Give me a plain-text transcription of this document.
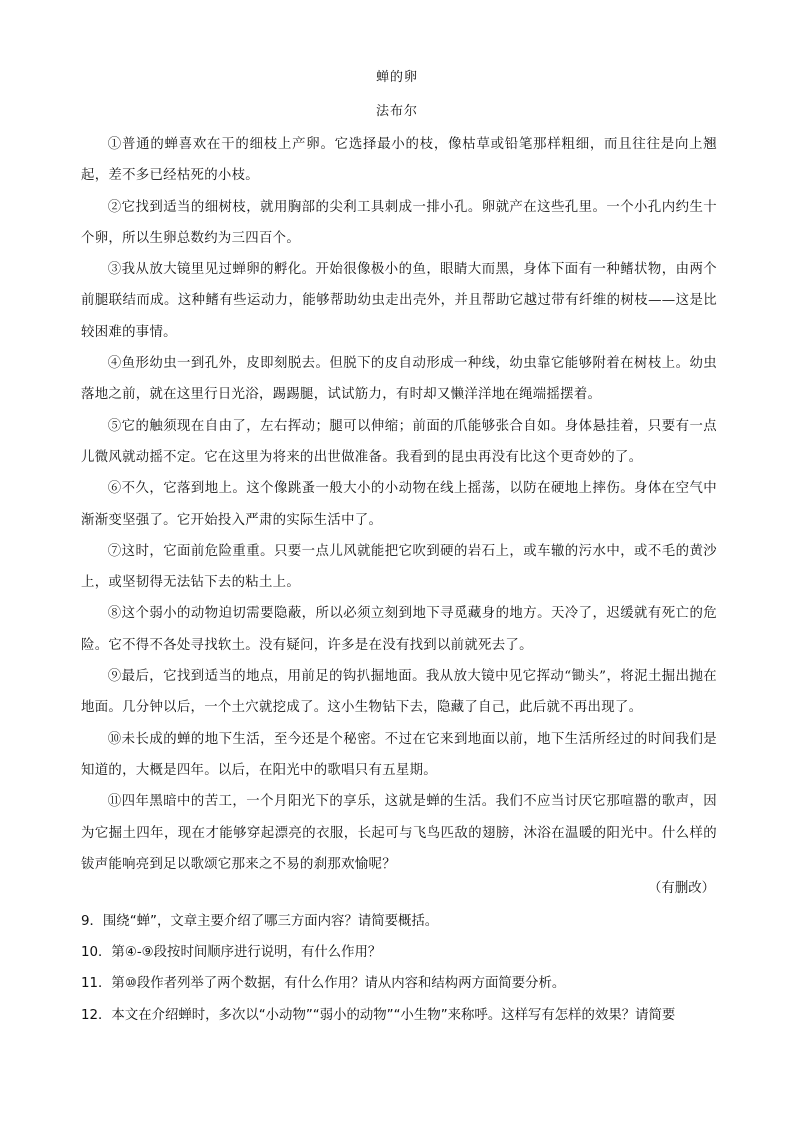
蝉的卵
法布尔

①普通的蝉喜欢在干的细枝上产卵。它选择最小的枝，像枯草或铅笔那样粗细，而且往往是向上翘起，差不多已经枯死的小枝。

②它找到适当的细树枝，就用胸部的尖利工具刺成一排小孔。卵就产在这些孔里。一个小孔内约生十个卵，所以生卵总数约为三四百个。

③我从放大镜里见过蝉卵的孵化。开始很像极小的鱼，眼睛大而黑，身体下面有一种鳍状物，由两个前腿联结而成。这种鳍有些运动力，能够帮助幼虫走出壳外，并且帮助它越过带有纤维的树枝——这是比较困难的事情。

④鱼形幼虫一到孔外，皮即刻脱去。但脱下的皮自动形成一种线，幼虫靠它能够附着在树枝上。幼虫落地之前，就在这里行日光浴，踢踢腿，试试筋力，有时却又懒洋洋地在绳端摇摆着。

⑤它的触须现在自由了，左右挥动；腿可以伸缩；前面的爪能够张合自如。身体悬挂着，只要有一点儿微风就动摇不定。它在这里为将来的出世做准备。我看到的昆虫再没有比这个更奇妙的了。

⑥不久，它落到地上。这个像跳蚤一般大小的小动物在线上摇荡，以防在硬地上摔伤。身体在空气中渐渐变坚强了。它开始投入严肃的实际生活中了。

⑦这时，它面前危险重重。只要一点儿风就能把它吹到硬的岩石上，或车辙的污水中，或不毛的黄沙上，或坚韧得无法钻下去的粘土上。

⑧这个弱小的动物迫切需要隐蔽，所以必须立刻到地下寻觅藏身的地方。天冷了，迟缓就有死亡的危险。它不得不各处寻找软土。没有疑问，许多是在没有找到以前就死去了。

⑨最后，它找到适当的地点，用前足的钩扒掘地面。我从放大镜中见它挥动“锄头”，将泥土掘出抛在地面。几分钟以后，一个土穴就挖成了。这小生物钻下去，隐藏了自己，此后就不再出现了。

⑩未长成的蝉的地下生活，至今还是个秘密。不过在它来到地面以前，地下生活所经过的时间我们是知道的，大概是四年。以后，在阳光中的歌唱只有五星期。

⑪四年黑暗中的苦工，一个月阳光下的享乐，这就是蝉的生活。我们不应当讨厌它那喧嚣的歌声，因为它掘土四年，现在才能够穿起漂亮的衣服，长起可与飞鸟匹敌的翅膀，沐浴在温暖的阳光中。什么样的钹声能响亮到足以歌颂它那来之不易的刹那欢愉呢？

（有删改）
9．围绕“蝉”，文章主要介绍了哪三方面内容？请简要概括。
10．第④-⑨段按时间顺序进行说明，有什么作用？
11．第⑩段作者列举了两个数据，有什么作用？请从内容和结构两方面简要分析。
12．本文在介绍蝉时，多次以“小动物”“弱小的动物”“小生物”来称呼。这样写有怎样的效果？请简要
